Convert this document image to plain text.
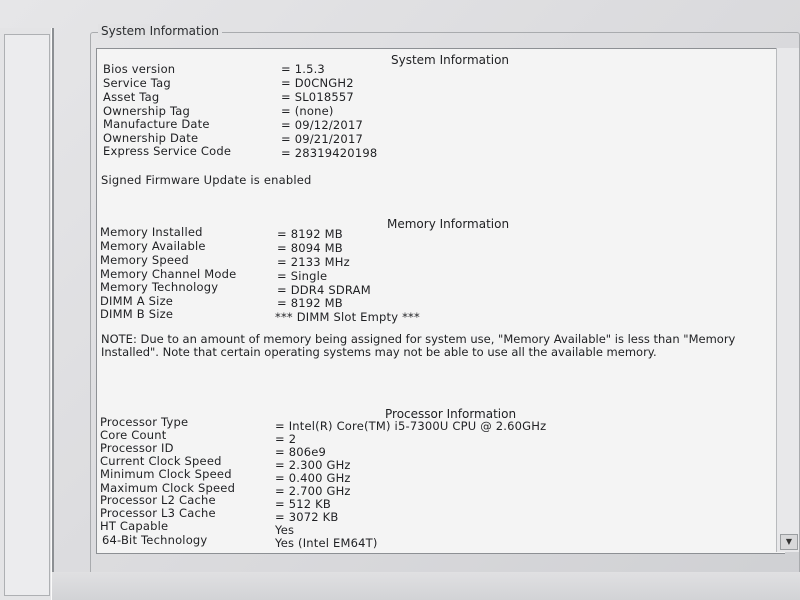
System Information
System Information
Bios version	= 1.5.3
Service Tag	= D0CNGH2
Asset Tag	= SL018557
Ownership Tag	= (none)
Manufacture Date	= 09/12/2017
Ownership Date	= 09/21/2017
Express Service Code	= 28319420198
Signed Firmware Update is enabled
Memory Information
Memory Installed	= 8192 MB
Memory Available	= 8094 MB
Memory Speed	= 2133 MHz
Memory Channel Mode	= Single
Memory Technology	= DDR4 SDRAM
DIMM A Size	= 8192 MB
DIMM B Size	*** DIMM Slot Empty ***
NOTE: Due to an amount of memory being assigned for system use, "Memory Available" is less than "Memory Installed". Note that certain operating systems may not be able to use all the available memory.
Processor Information
Processor Type	= Intel(R) Core(TM) i5-7300U CPU @ 2.60GHz
Core Count	= 2
Processor ID	= 806e9
Current Clock Speed	= 2.300 GHz
Minimum Clock Speed	= 0.400 GHz
Maximum Clock Speed	= 2.700 GHz
Processor L2 Cache	= 512 KB
Processor L3 Cache	= 3072 KB
HT Capable	Yes
64-Bit Technology	Yes (Intel EM64T)	▼
